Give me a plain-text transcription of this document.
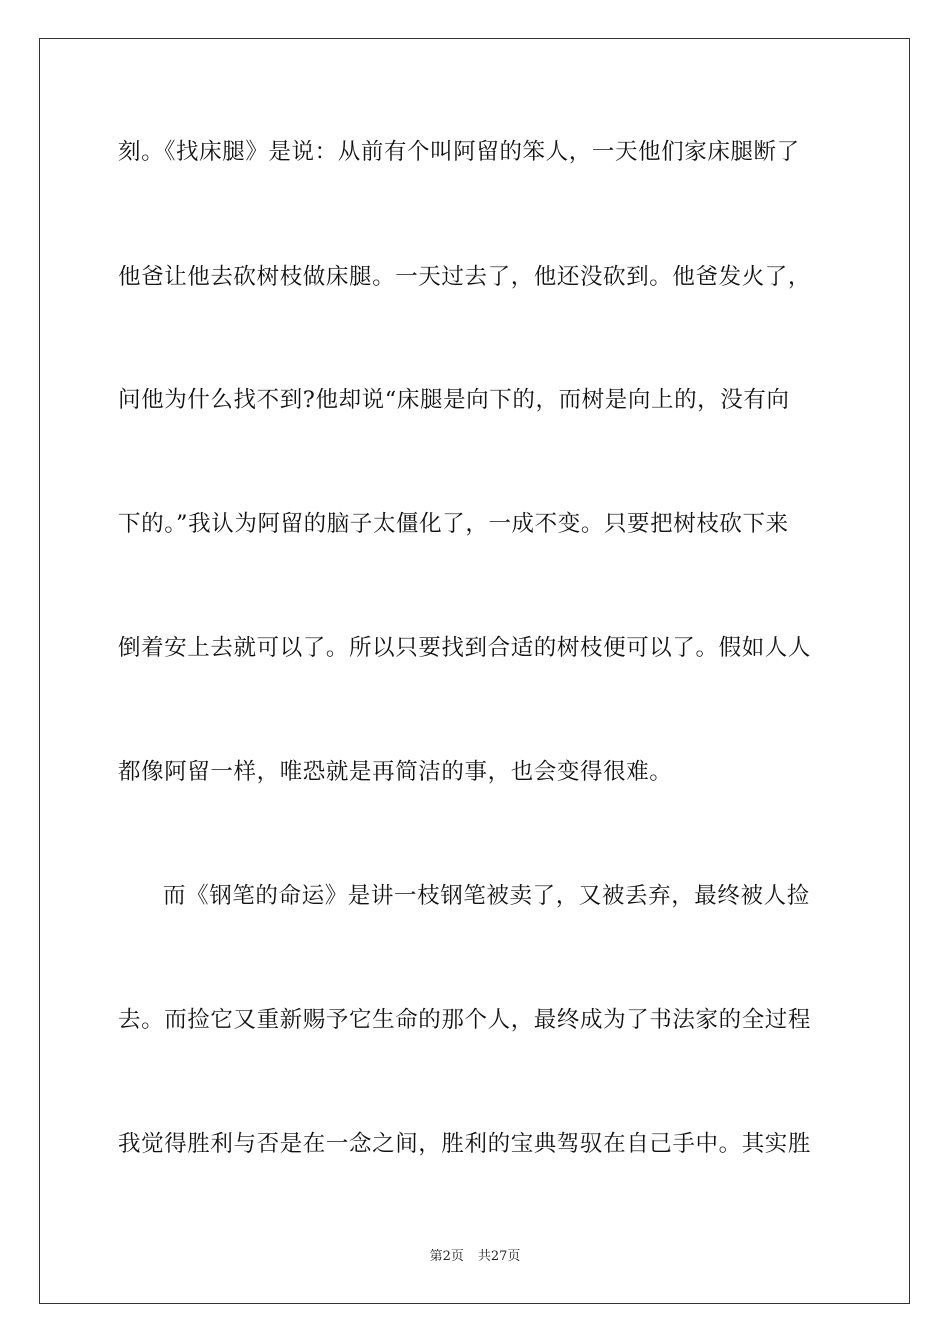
刻。《找床腿》是说：从前有个叫阿留的笨人，一天他们家床腿断了
他爸让他去砍树枝做床腿。一天过去了，他还没砍到。他爸发火了，
问他为什么找不到?他却说“床腿是向下的，而树是向上的，没有向
下的。”我认为阿留的脑子太僵化了，一成不变。只要把树枝砍下来
倒着安上去就可以了。所以只要找到合适的树枝便可以了。假如人人
都像阿留一样，唯恐就是再简洁的事，也会变得很难。
而《钢笔的命运》是讲一枝钢笔被卖了，又被丢弃，最终被人捡
去。而捡它又重新赐予它生命的那个人，最终成为了书法家的全过程
我觉得胜利与否是在一念之间，胜利的宝典驾驭在自己手中。其实胜
第2页 共27页
